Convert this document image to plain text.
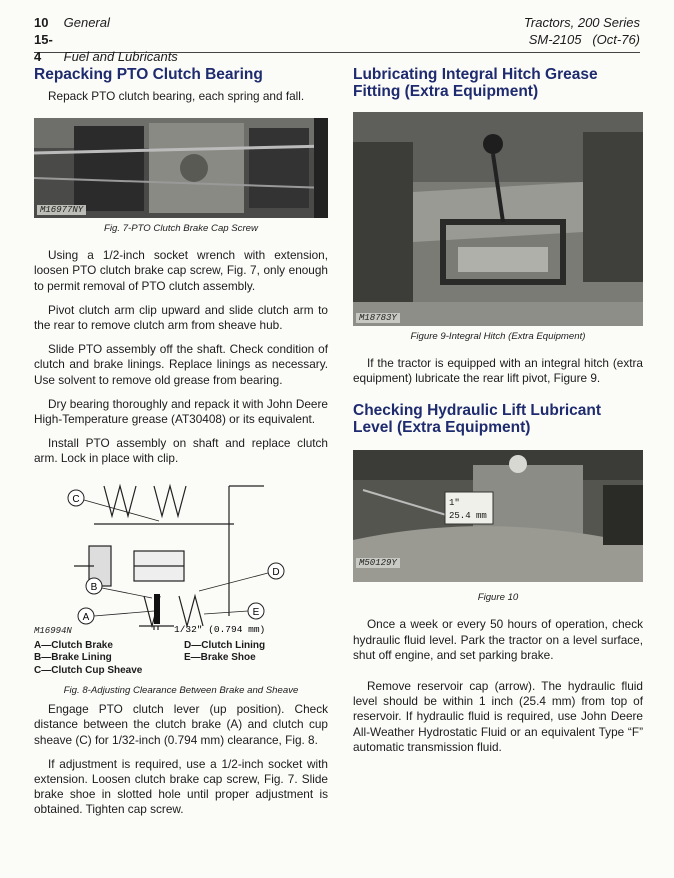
10 General
15-4 Fuel and Lubricants
Tractors, 200 Series
SM-2105 (Oct-76)
Repacking PTO Clutch Bearing

Repack PTO clutch bearing, each spring and fall.

M16977NY
Fig. 7-PTO Clutch Brake Cap Screw

Using a 1/2-inch socket wrench with extension, loosen PTO clutch brake cap screw, Fig. 7, only enough to permit removal of PTO clutch assembly.

Pivot clutch arm clip upward and slide clutch arm to the rear to remove clutch arm from sheave hub.

Slide PTO assembly off the shaft. Check condition of clutch and brake linings. Replace linings as necessary. Use solvent to remove old grease from bearing.

Dry bearing thoroughly and repack it with John Deere High-Temperature grease (AT30408) or its equivalent.

Install PTO assembly on shaft and replace clutch arm. Lock in place with clip.

C
B
A
D
E
1/32" (0.794 mm)
M16994N
A—Clutch Brake	D—Clutch Lining
B—Brake Lining	E—Brake Shoe
C—Clutch Cup Sheave
Fig. 8-Adjusting Clearance Between Brake and Sheave

Engage PTO clutch lever (up position). Check distance between the clutch brake (A) and clutch cup sheave (C) for 1/32-inch (0.794 mm) clearance, Fig. 8.

If adjustment is required, use a 1/2-inch socket with extension. Loosen clutch brake cap screw, Fig. 7. Slide brake shoe in slotted hole until proper adjustment is obtained. Tighten cap screw.

Lubricating Integral Hitch Grease Fitting (Extra Equipment)
M18783Y
Figure 9-Integral Hitch (Extra Equipment)

If the tractor is equipped with an integral hitch (extra equipment) lubricate the rear lift pivot, Figure 9.

Checking Hydraulic Lift Lubricant Level (Extra Equipment)
1"
25.4 mm
M50129Y
Figure 10

Once a week or every 50 hours of operation, check hydraulic fluid level. Park the tractor on a level surface, shut off engine, and set parking brake.

Remove reservoir cap (arrow). The hydraulic fluid level should be within 1 inch (25.4 mm) from top of reservoir. If hydraulic fluid is required, use John Deere All-Weather Hydrostatic Fluid or an equivalent Type “F” automatic transmission fluid.
